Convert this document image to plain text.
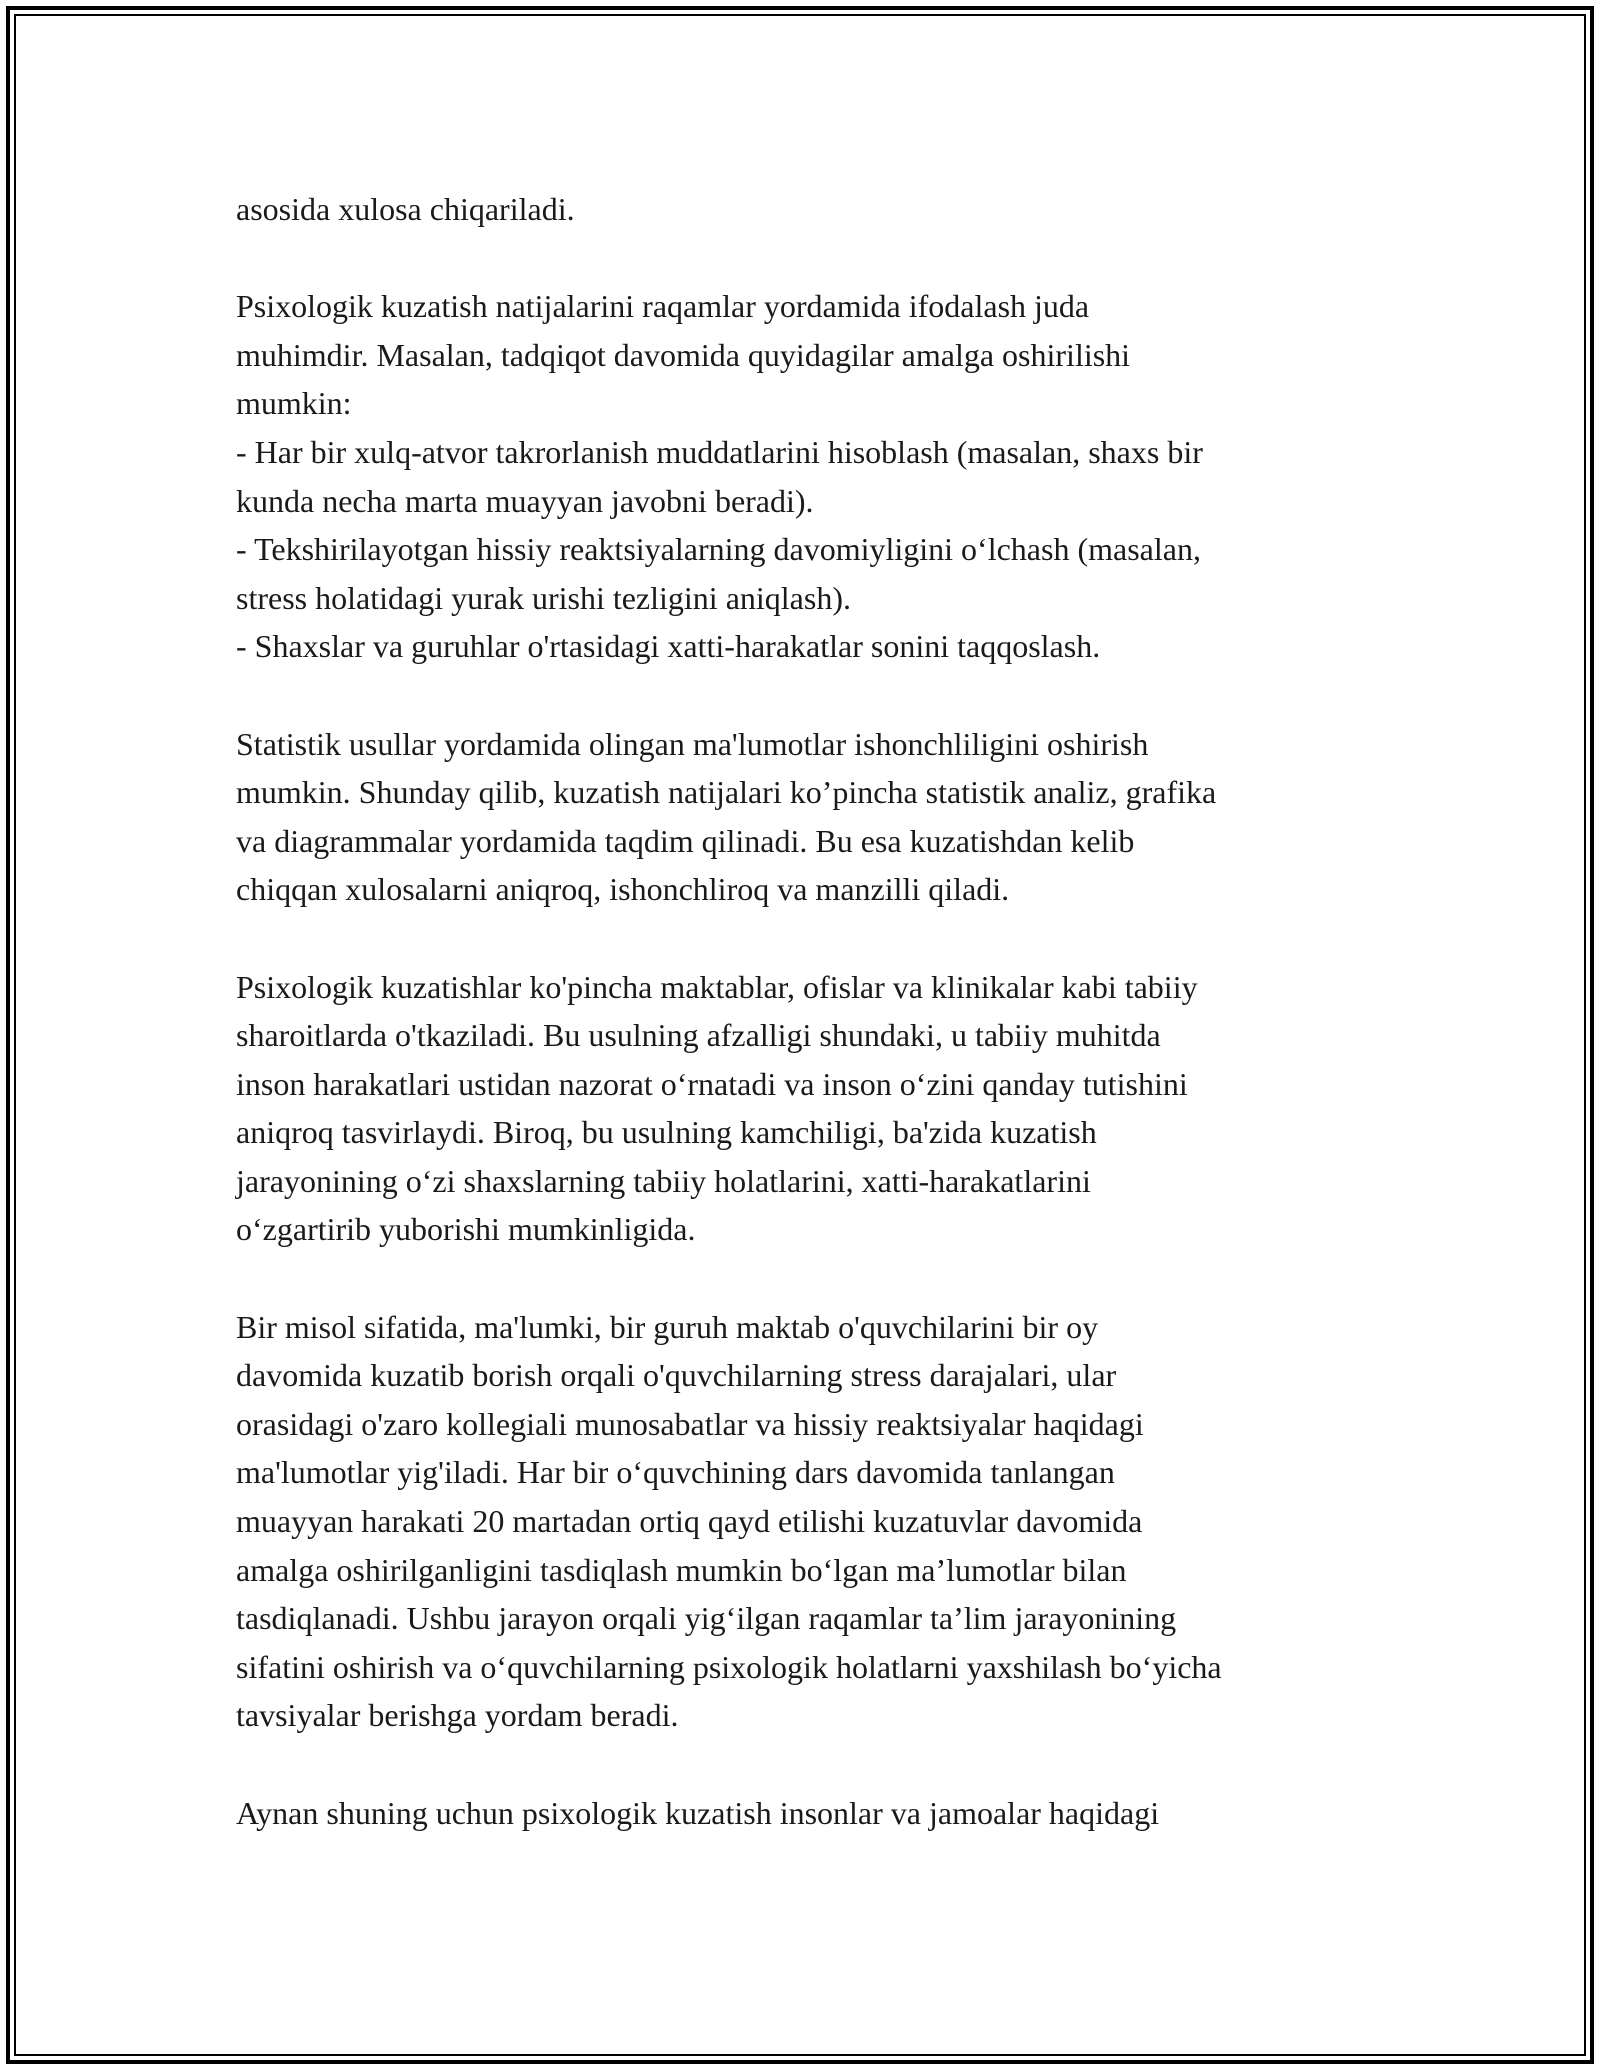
asosida xulosa chiqariladi.

Psixologik kuzatish natijalarini raqamlar yordamida ifodalash juda
muhimdir. Masalan, tadqiqot davomida quyidagilar amalga oshirilishi
mumkin:
- Har bir xulq-atvor takrorlanish muddatlarini hisoblash (masalan, shaxs bir
kunda necha marta muayyan javobni beradi).
- Tekshirilayotgan hissiy reaktsiyalarning davomiyligini o‘lchash (masalan,
stress holatidagi yurak urishi tezligini aniqlash).
- Shaxslar va guruhlar o'rtasidagi xatti-harakatlar sonini taqqoslash.

Statistik usullar yordamida olingan ma'lumotlar ishonchliligini oshirish
mumkin. Shunday qilib, kuzatish natijalari ko’pincha statistik analiz, grafika
va diagrammalar yordamida taqdim qilinadi. Bu esa kuzatishdan kelib
chiqqan xulosalarni aniqroq, ishonchliroq va manzilli qiladi.

Psixologik kuzatishlar ko'pincha maktablar, ofislar va klinikalar kabi tabiiy
sharoitlarda o'tkaziladi. Bu usulning afzalligi shundaki, u tabiiy muhitda
inson harakatlari ustidan nazorat o‘rnatadi va inson o‘zini qanday tutishini
aniqroq tasvirlaydi. Biroq, bu usulning kamchiligi, ba'zida kuzatish
jarayonining o‘zi shaxslarning tabiiy holatlarini, xatti-harakatlarini
o‘zgartirib yuborishi mumkinligida.

Bir misol sifatida, ma'lumki, bir guruh maktab o'quvchilarini bir oy
davomida kuzatib borish orqali o'quvchilarning stress darajalari, ular
orasidagi o'zaro kollegiali munosabatlar va hissiy reaktsiyalar haqidagi
ma'lumotlar yig'iladi. Har bir o‘quvchining dars davomida tanlangan
muayyan harakati 20 martadan ortiq qayd etilishi kuzatuvlar davomida
amalga oshirilganligini tasdiqlash mumkin bo‘lgan ma’lumotlar bilan
tasdiqlanadi. Ushbu jarayon orqali yig‘ilgan raqamlar ta’lim jarayonining
sifatini oshirish va o‘quvchilarning psixologik holatlarni yaxshilash bo‘yicha
tavsiyalar berishga yordam beradi.

Aynan shuning uchun psixologik kuzatish insonlar va jamoalar haqidagi
